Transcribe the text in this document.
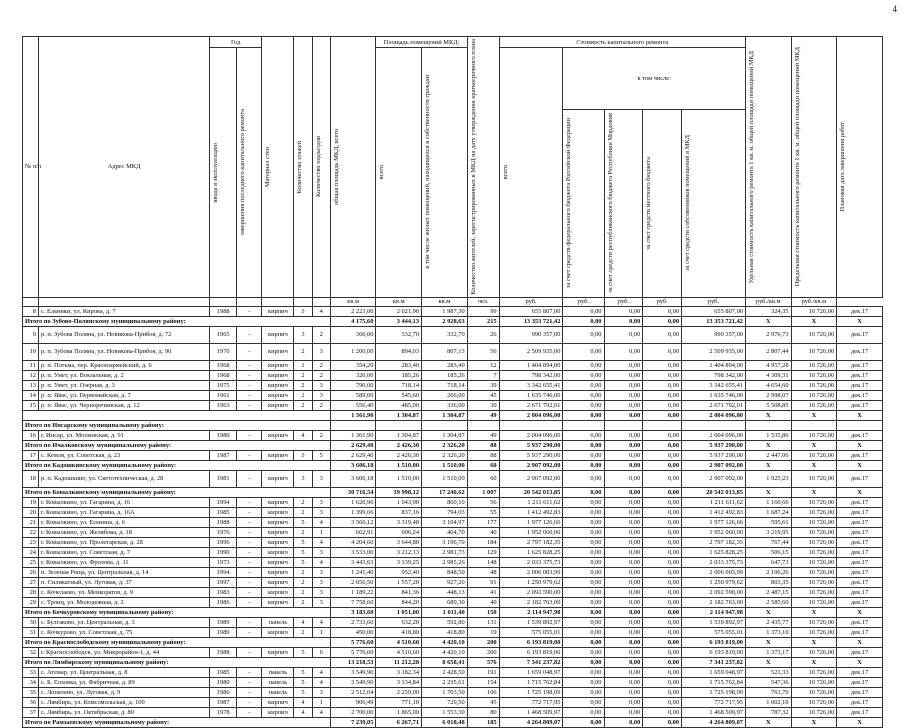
4
№ п/п	Адрес МКД	Год		Материал стен	Количество этажей	Количество подъездов	общая площадь МКД, всего	Площадь помещений МКД:		Количество жителей, зарегистрированных в МКД на дату утверждения краткосрочного плана	Стоимость капитального ремонта					Удельная стоимость капитального ремонта 1 кв. м. общей площади помещений МКД	Предельная стоимость капитального ремонта 1 кв. м. общей площади помещений МКД	Плановая дата завершения работ

		ввода в эксплуатацию	завершения последнего капитального ремонта					всего	в том числе жилых помещений, находящихся в собственности граждан		всего	в том числе:						

												за счет средств федерального бюджета Российской Федерации	за счет средств республиканского бюджета Республики Мордовия	за счет средств местного бюджета	за счет средств собственников помещений в МКД			

							кв.м	кв.м	кв.м	чел.	руб.	руб.	руб.	руб.	руб.	руб./кв.м	руб./кв.м	
8	с. Ельники, ул. Кирова, д. 7	1988	-	кирпич	3	4	2 223,00	2 021,90	1 987,30	99	655 807,00	0,00	0,00	0,00	655 807,00	324,35	10 726,00	дек.17
Итого по Зубово-Полянскому муниципальному району:							4 175,60	3 444,13	2 928,63	215	13 353 721,42	0,00	0,00	0,00	13 353 721,42	X	X	X
9	р. п. Зубова Поляна, ул. Новикова-Прибоя, д. 72	1965	-	кирпич	3	2	366,00	332,70	332,70	26	990 357,00	0,00	0,00	0,00	990 357,00	2 976,73	10 726,00	дек.17
10	р. п. Зубова Поляна, ул. Новикова-Прибоя, д. 90	1970	-	кирпич	2	3	1 200,00	894,03	807,13	56	2 509 935,00	0,00	0,00	0,00	2 509 935,00	2 807,44	10 726,00	дек.17
11	р. п. Потьма, пер. Красноармейский, д. 6	1968	-	кирпич	1	2	354,20	283,40	283,40	12	1 404 894,00	0,00	0,00	0,00	1 404 894,00	4 957,28	10 726,00	дек.17
12	р. п. Умет, ул. Вокзальная, д. 2	1968	-	кирпич	2	2	320,00	185,26	185,26	7	798 342,00	0,00	0,00	0,00	798 342,00	4 309,31	10 726,00	дек.17
13	р. п. Умет, ул. Озерная, д. 3	1975	-	кирпич	2	3	790,00	718,14	718,14	39	3 342 655,41	0,00	0,00	0,00	3 342 655,41	4 654,60	10 726,00	дек.17
14	р. п. Явас, ул. Первомайская, д. 7	1961	-	кирпич	2	3	589,00	545,60	266,00	45	1 635 746,00	0,00	0,00	0,00	1 635 746,00	2 998,07	10 726,00	дек.17
15	р. п. Явас, ул. Черноречинская, д. 12	1963	-	кирпич	2	2	556,40	485,00	336,00	30	2 671 792,01	0,00	0,00	0,00	2 671 792,01	5 508,85	10 726,00	дек.17
							1 361,90	1 304,87	1 304,87	49	2 004 096,00	0,00	0,00	0,00	2 004 096,00	X	X	X
Итого по Инсарскому муниципальному району:																		
16	г. Инсар, ул. Московская, д. 91	1980	-	кирпич	4	2	1 361,90	1 304,87	1 304,87	49	2 004 096,00	0,00	0,00	0,00	2 004 096,00	1 535,86	10 726,00	дек.17
Итого по Ичалковскому муниципальному району:							2 629,40	2 426,30	2 326,20	88	5 937 290,00	0,00	0,00	0,00	5 937 290,00	X	X	X
17	с. Кемля, ул. Советская, д. 23	1987	-	кирпич	3	5	2 629,40	2 426,30	2 326,20	88	5 937 290,00	0,00	0,00	0,00	5 937 290,00	2 447,06	10 726,00	дек.17
Итого по Кадошкинскому муниципальному району:							3 606,18	1 510,00	1 510,00	60	2 907 092,00	0,00	0,00	0,00	2 907 092,00	X	X	X
18	р. п. Кадошкино, ул. Светотехническая, д. 28	1981	-	кирпич	3	3	3 606,18	1 510,00	1 510,00	60	2 907 092,00	0,00	0,00	0,00	2 907 092,00	1 925,23	10 726,00	дек.17
Итого по Ковылкинскому муниципальному району:							30 716,54	19 998,12	17 240,62	1 007	20 542 013,85	0,00	0,00	0,00	20 542 013,85	X	X	X
19	г. Ковылкино, ул. Гагарина, д. 16	1994	-	кирпич	2	3	1 620,90	1 043,90	860,10	56	1 211 611,62	0,00	0,00	0,00	1 211 611,62	1 160,66	10 726,00	дек.17
20	г. Ковылкино, ул. Гагарина, д. 16А	1985	-	кирпич	2	3	1 399,66	837,16	794,03	55	1 412 492,83	0,00	0,00	0,00	1 412 492,83	1 687,24	10 726,00	дек.17
21	г. Ковылкино, ул. Есенина, д. 6	1988	-	кирпич	5	4	3 566,12	3 319,48	3 104,97	177	1 977 126,66	0,00	0,00	0,00	1 977 126,66	595,61	10 726,00	дек.17
22	г. Ковылкино, ул. Желябова, д. 18	1976	-	кирпич	2	1	662,91	606,24	404,70	40	1 952 060,00	0,00	0,00	0,00	1 952 060,00	3 219,95	10 726,00	дек.17
23	г. Ковылкино, ул. Пролетарская, д. 28	1996	-	кирпич	5	4	4 204,60	3 644,80	3 196,70	184	2 797 182,35	0,00	0,00	0,00	2 797 182,35	767,44	10 726,00	дек.17
24	г. Ковылкино, ул. Советская, д. 7	1990	-	кирпич	5	3	3 533,00	3 212,13	2 981,73	129	1 625 828,25	0,00	0,00	0,00	1 625 828,25	506,15	10 726,00	дек.17
25	г. Ковылкино, ул. Фролова, д. 11	1973	-	кирпич	5	4	3 443,63	3 139,25	2 985,26	148	2 033 375,73	0,00	0,00	0,00	2 033 375,73	647,73	10 726,00	дек.17
26	п. Зеленая Роща, ул. Центральная, д. 14	1994	-	кирпич	2	3	1 241,40	952,40	848,50	48	2 006 003,99	0,00	0,00	0,00	2 006 003,99	2 106,26	10 726,00	дек.17
27	п. Силикатный, ул. Луговая, д. 37	1997	-	кирпич	2	3	2 056,50	1 557,20	927,20	91	1 250 979,62	0,00	0,00	0,00	1 250 979,62	803,35	10 726,00	дек.17
28	с. Кочелаево, ул. Менкоратов, д. 9	1983	-	кирпич	2	3	1 189,22	841,36	448,13	41	2 092 590,00	0,00	0,00	0,00	2 092 590,00	2 487,15	10 726,00	дек.17
29	с. Троиц, ул. Молодежная, д. 2	1986	-	кирпич	2	3	7 758,60	844,20	689,30	40	2 182 763,00	0,00	0,00	0,00	2 182 763,00	2 585,60	10 726,00	дек.17
Итого по Кочкуровскому муниципальному району:							3 183,60	1 051,00	1 011,40	150	2 114 947,98	0,00	0,00	0,00	2 114 947,98	X	X	X
30	с. Булгаково, ул. Центральная, д. 3	1989	-	панель	4	4	2 733,60	632,20	592,80	131	1 539 892,97	0,00	0,00	0,00	1 539 892,97	2 435,77	10 726,00	дек.17
31	с. Кочкурово, ул. Советская, д. 75	1989	-	кирпич	2	1	450,00	418,80	418,80	19	575 055,01	0,00	0,00	0,00	575 055,01	1 373,10	10 726,00	дек.17
Итого по Краснослободскому муниципальному району:							5 776,60	4 510,60	4 420,10	200	6 193 819,00	0,00	0,00	0,00	6 193 819,00	X	X	X
32	г. Краснослободск, ул. Микрорайон-1, д. 44	1988	-	кирпич	5	6	5 776,60	4 510,60	4 420,10	200	6 193 819,00	0,00	0,00	0,00	6 193 819,00	1 373,17	10 726,00	дек.17
Итого по Лямбирскому муниципальному району:							13 218,53	11 212,28	8 658,41	576	7 341 237,82	0,00	0,00	0,00	7 341 237,82	X	X	X
33	с. Атемар, ул. Центральная, д. 8	1985	-	панель	5	4	3 549,90	3 182,34	2 428,50	191	1 659 048,97	0,00	0,00	0,00	1 659 048,97	521,33	10 726,00	дек.17
34	с. Б. Елховка, ул. Фабричная, д. 89	1980	-	панель	5	4	3 549,90	3 134,84	2 235,61	154	1 715 762,84	0,00	0,00	0,00	1 715 762,84	547,36	10 726,00	дек.17
35	с. Лопатино, ул. Луговая, д. 9	1986	-	панель	5	3	2 512,04	2 259,00	1 703,50	106	1 725 198,09	0,00	0,00	0,00	1 725 198,09	763,70	10 726,00	дек.17
36	с. Лямбирь, ул. Комсомольская, д. 100	1987	-	кирпич	4	1	906,49	771,10	729,50	45	772 717,95	0,00	0,00	0,00	772 717,95	1 002,10	10 726,00	дек.17
37	с. Лямбирь, ул. Октябрьская, д. 80	1978	-	кирпич	4	4	2 700,00	1 865,00	1 553,30	80	1 468 509,97	0,00	0,00	0,00	1 468 509,97	787,32	10 726,00	дек.17
Итого по Рамзаевскому муниципальному району:							7 239,05	6 267,71	6 018,48	185	4 264 809,07	0,00	0,00	0,00	4 264 809,07	X	X	X
